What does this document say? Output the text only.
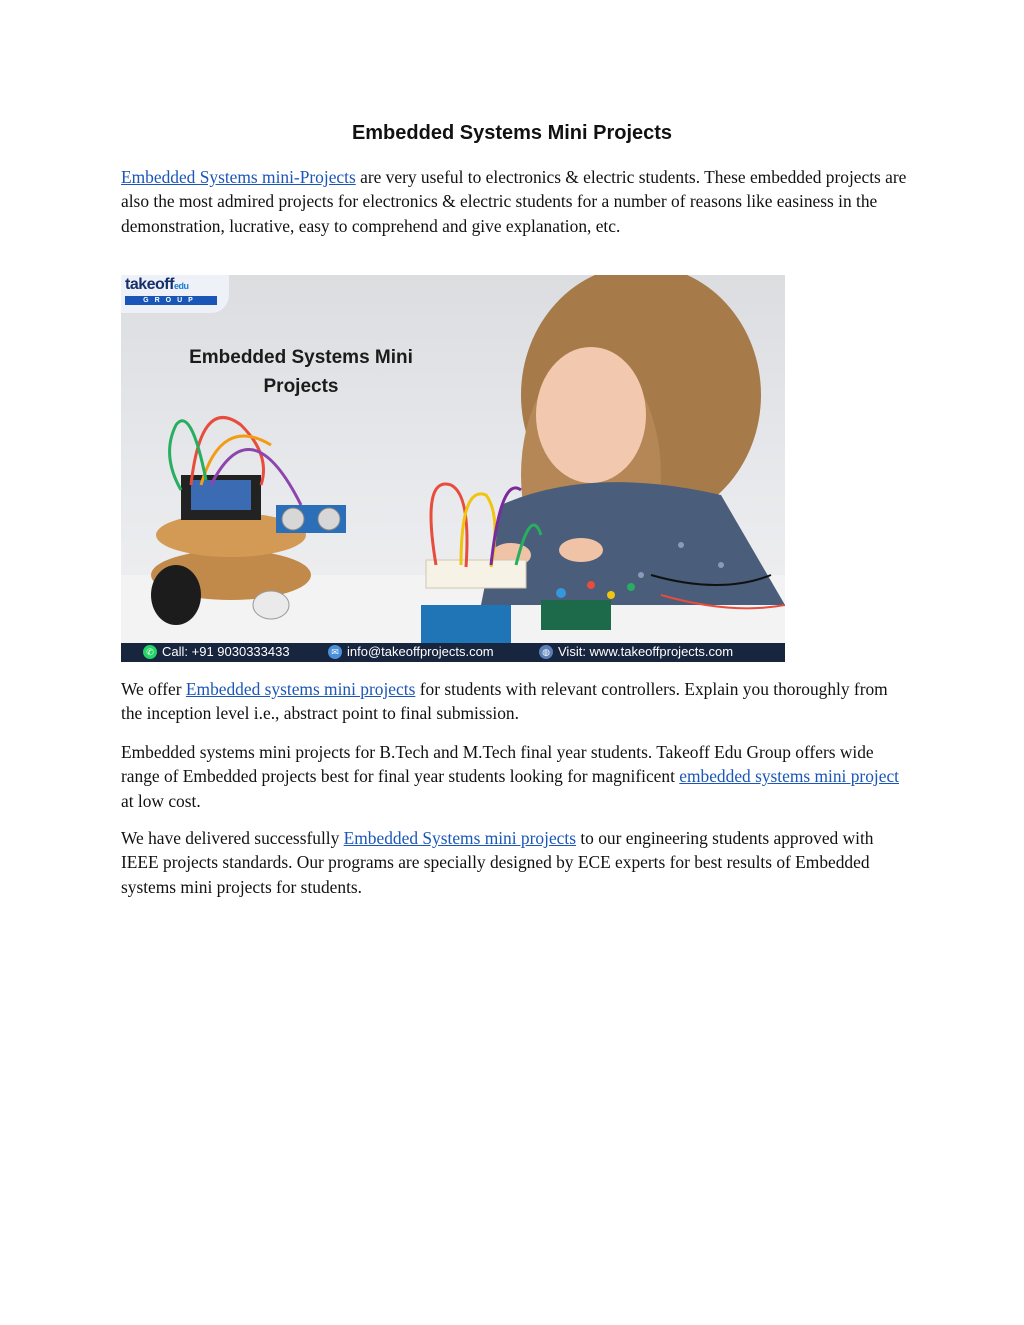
Embedded Systems Mini Projects
Embedded Systems mini-Projects are very useful to electronics & electric students. These embedded projects are also the most admired projects for electronics & electric students for a number of reasons like easiness in the demonstration, lucrative, easy to comprehend and give explanation, etc.
takeoffedu
GROUP
Embedded Systems Mini
Projects
✆ Call: +91 9030333433	✉ info@takeoffprojects.com	◍ Visit: www.takeoffprojects.com
We offer Embedded systems mini projects for students with relevant controllers. Explain you thoroughly from the inception level i.e., abstract point to final submission.
Embedded systems mini projects for B.Tech and M.Tech final year students. Takeoff Edu Group offers wide range of Embedded projects best for final year students looking for magnificent embedded systems mini project at low cost.
We have delivered successfully Embedded Systems mini projects to our engineering students approved with IEEE projects standards. Our programs are specially designed by ECE experts for best results of Embedded systems mini projects for students.
